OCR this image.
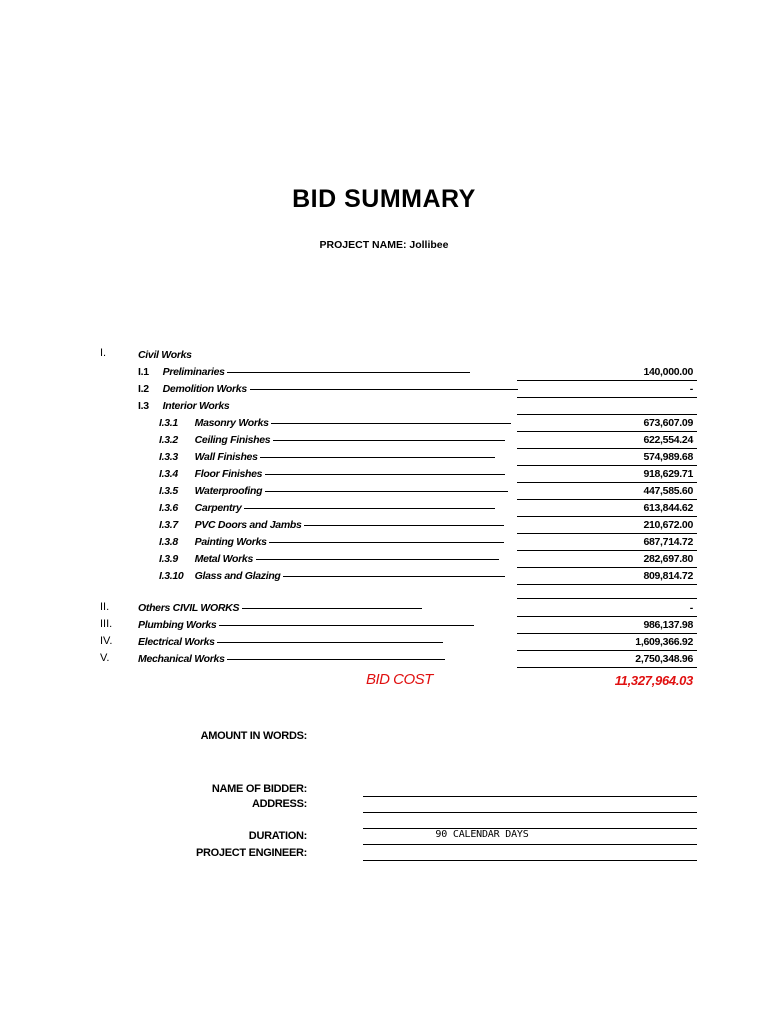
BID SUMMARY
PROJECT NAME: Jollibee
I.	Civil Works
I.1 Preliminaries	140,000.00
I.2 Demolition Works	-
I.3 Interior Works
I.3.1 Masonry Works	673,607.09
I.3.2 Ceiling Finishes	622,554.24
I.3.3 Wall Finishes	574,989.68
I.3.4 Floor Finishes	918,629.71
I.3.5 Waterproofing	447,585.60
I.3.6 Carpentry	613,844.62
I.3.7 PVC Doors and Jambs	210,672.00
I.3.8 Painting Works	687,714.72
I.3.9 Metal Works	282,697.80
I.3.10 Glass and Glazing	809,814.72
II.	Others CIVIL WORKS	-
III. Plumbing Works	986,137.98
IV. Electrical Works	1,609,366.92
V.	Mechanical Works	2,750,348.96
BID COST	11,327,964.03
AMOUNT IN WORDS:
NAME OF BIDDER:
ADDRESS:
DURATION:	90 CALENDAR DAYS
PROJECT ENGINEER:
